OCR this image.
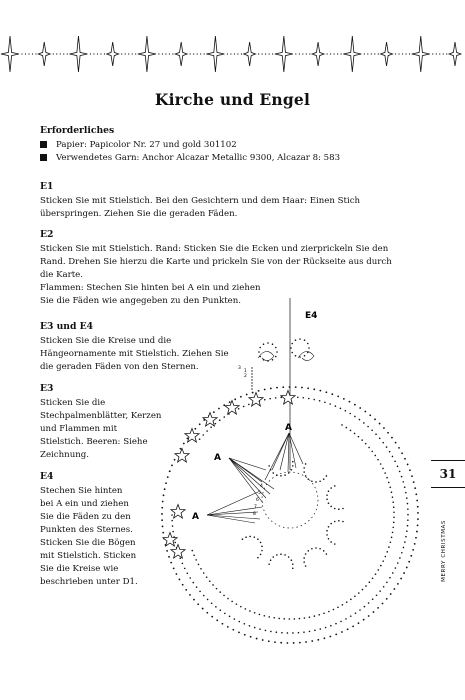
Kirche und Engel
Erforderliches
Papier: Papicolor Nr. 27 und gold 301102
Verwendetes Garn: Anchor Alcazar Metallic 9300, Alcazar 8: 583
E1
Sticken Sie mit Stielstich. Bei den Gesichtern und dem Haar: Einen Stich
überspringen. Ziehen Sie die geraden Fäden.
E2
Sticken Sie mit Stielstich. Rand: Sticken Sie die Ecken und zierprickeln Sie den
Rand. Drehen Sie hierzu die Karte und prickeln Sie von der Rückseite aus durch
die Karte.
Flammen: Stechen Sie hinten bei A ein und ziehen
Sie die Fäden wie angegeben zu den Punkten.
E3 und E4
Sticken Sie die Kreise und die
Hängeornamente mit Stielstich. Ziehen Sie
die geraden Fäden von den Sternen.
E3
Sticken Sie die
Stechpalmenblätter, Kerzen
und Flammen mit
Stielstich. Beeren: Siehe
Zeichnung.
E4
Stechen Sie hinten
bei A ein und ziehen
Sie die Fäden zu den
Punkten des Sternes.
Sticken Sie die Bögen
mit Stielstich. Sticken
Sie die Kreise wie
beschrieben unter D1.
E4
A
A
A
1
2
3
4
5
6
7
8
31
MERRY CHRISTMAS
